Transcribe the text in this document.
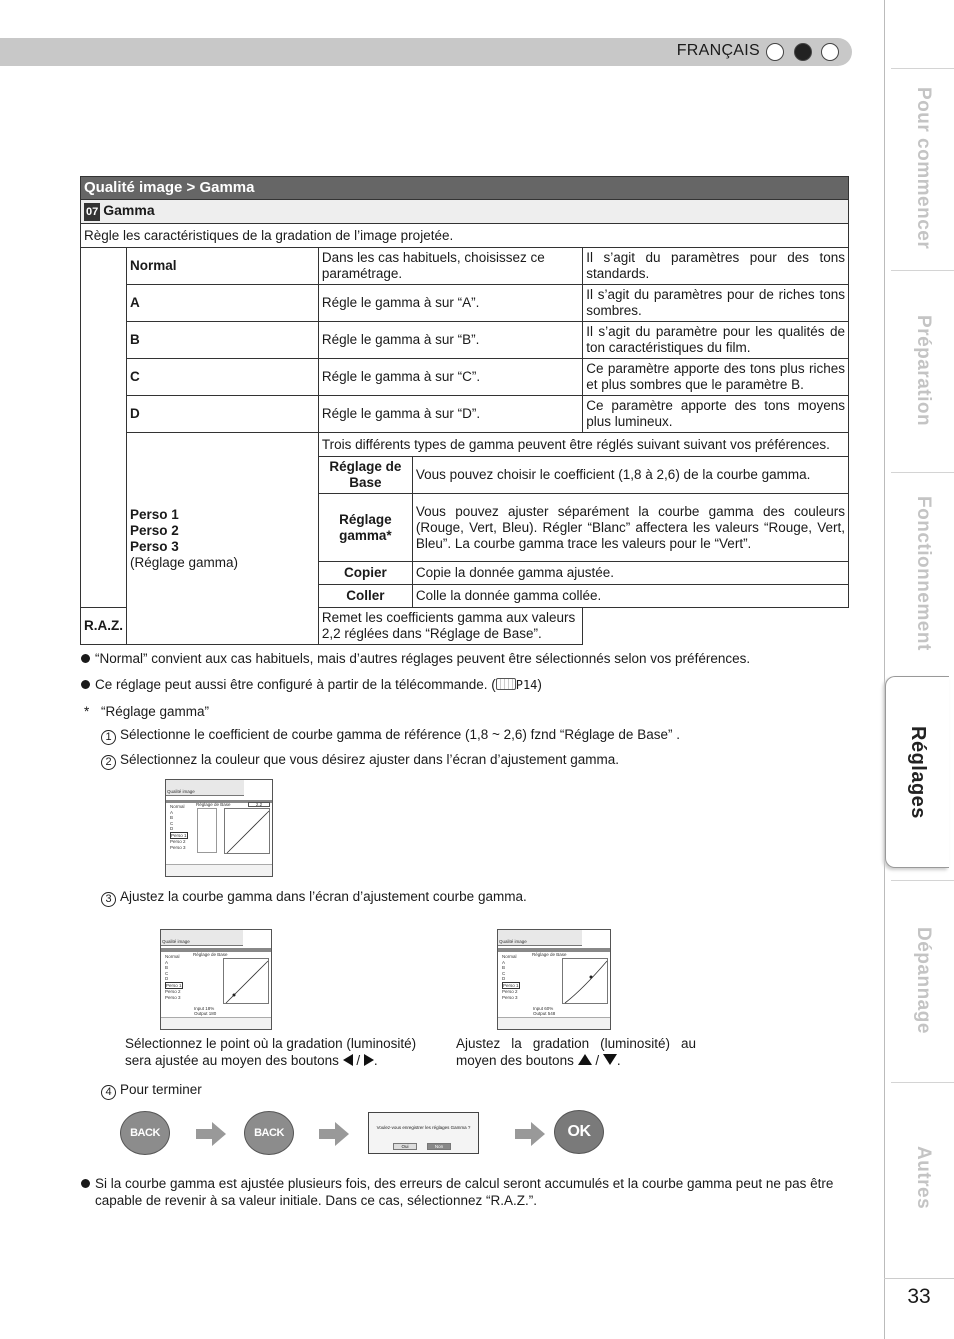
FRANÇAIS
Pour commencer
Préparation
Fonctionnement
Réglages
Dépannage
Autres
33
Qualité image > Gamma				
07 Gamma				
Règle les caractéristiques de la gradation de l’image projetée.				
	Normal	Dans les cas habituels, choisissez ce paramétrage.		Il s’agit du paramètres pour des tons standards.
	A	Régle le gamma à sur “A”.		Il s’agit du paramètres pour de riches tons sombres.
	B	Régle le gamma à sur “B”.		Il s’agit du paramètre pour les qualités de ton caractéristiques du film.
	C	Régle le gamma à sur “C”.		Ce paramètre apporte des tons plus riches et plus sombres que le paramètre B.
	D	Régle le gamma à sur “D”.		Ce paramètre apporte des tons moyens plus lumineux.

	Perso 1
Perso 2
Perso 3
(Réglage gamma)	Trois différents types de gamma peuvent être réglés suivant suivant vos préférences.		
		Réglage de Base	Vous pouvez choisir le coefficient (1,8 à 2,6) de la courbe gamma.	
		Réglage gamma*	Vous pouvez ajuster séparément la courbe gamma des couleurs (Rouge, Vert, Bleu). Régler “Blanc” affectera les valeurs “Rouge, Vert, Bleu”. La courbe gamma trace les valeurs pour le “Vert”.	
		Copier	Copie la donnée gamma ajustée.	
		Coller	Colle la donnée gamma collée.	
R.A.Z.		Remet les coefficients gamma aux valeurs 2,2 réglées dans “Réglage de Base”.		
“Normal” convient aux cas habituels, mais d’autres réglages peuvent être sélectionnés selon vos préférences.
Ce réglage peut aussi être configuré à partir de la télécommande. ( P14)
* “Réglage gamma”
1 Sélectionne le coefficient de courbe gamma de référence (1,8 ~ 2,6) fznd “Réglage de Base” .
2 Sélectionnez la couleur que vous désirez ajuster dans l’écran d’ajustement gamma.
Qualité image
Normal
A
B
C
D
Perso 1
Perso 2
Perso 3
Réglage de Base	2,2
3 Ajustez la courbe gamma dans l’écran d’ajustement courbe gamma.
Qualité image
Normal
A
B
C
D
Perso 1
Perso 2
Perso 3
Réglage de Base
Input 18% Output 180
Qualité image
Normal
A
B
C
D
Perso 1
Perso 2
Perso 3
Réglage de Base
Input 60% Output 548
Sélectionnez le point où la gradation (luminosité) sera ajustée au moyen des boutons  / .
Ajustez la gradation (luminosité) au moyen des boutons  / .
4 Pour terminer
BACK	BACK	Voulez-vous enregistrer les réglages Gamma ?
Oui	Non
OK
Si la courbe gamma est ajustée plusieurs fois, des erreurs de calcul seront accumulés et la courbe gamma peut ne pas être capable de revenir à sa valeur initiale. Dans ce cas, sélectionnez “R.A.Z.”.
